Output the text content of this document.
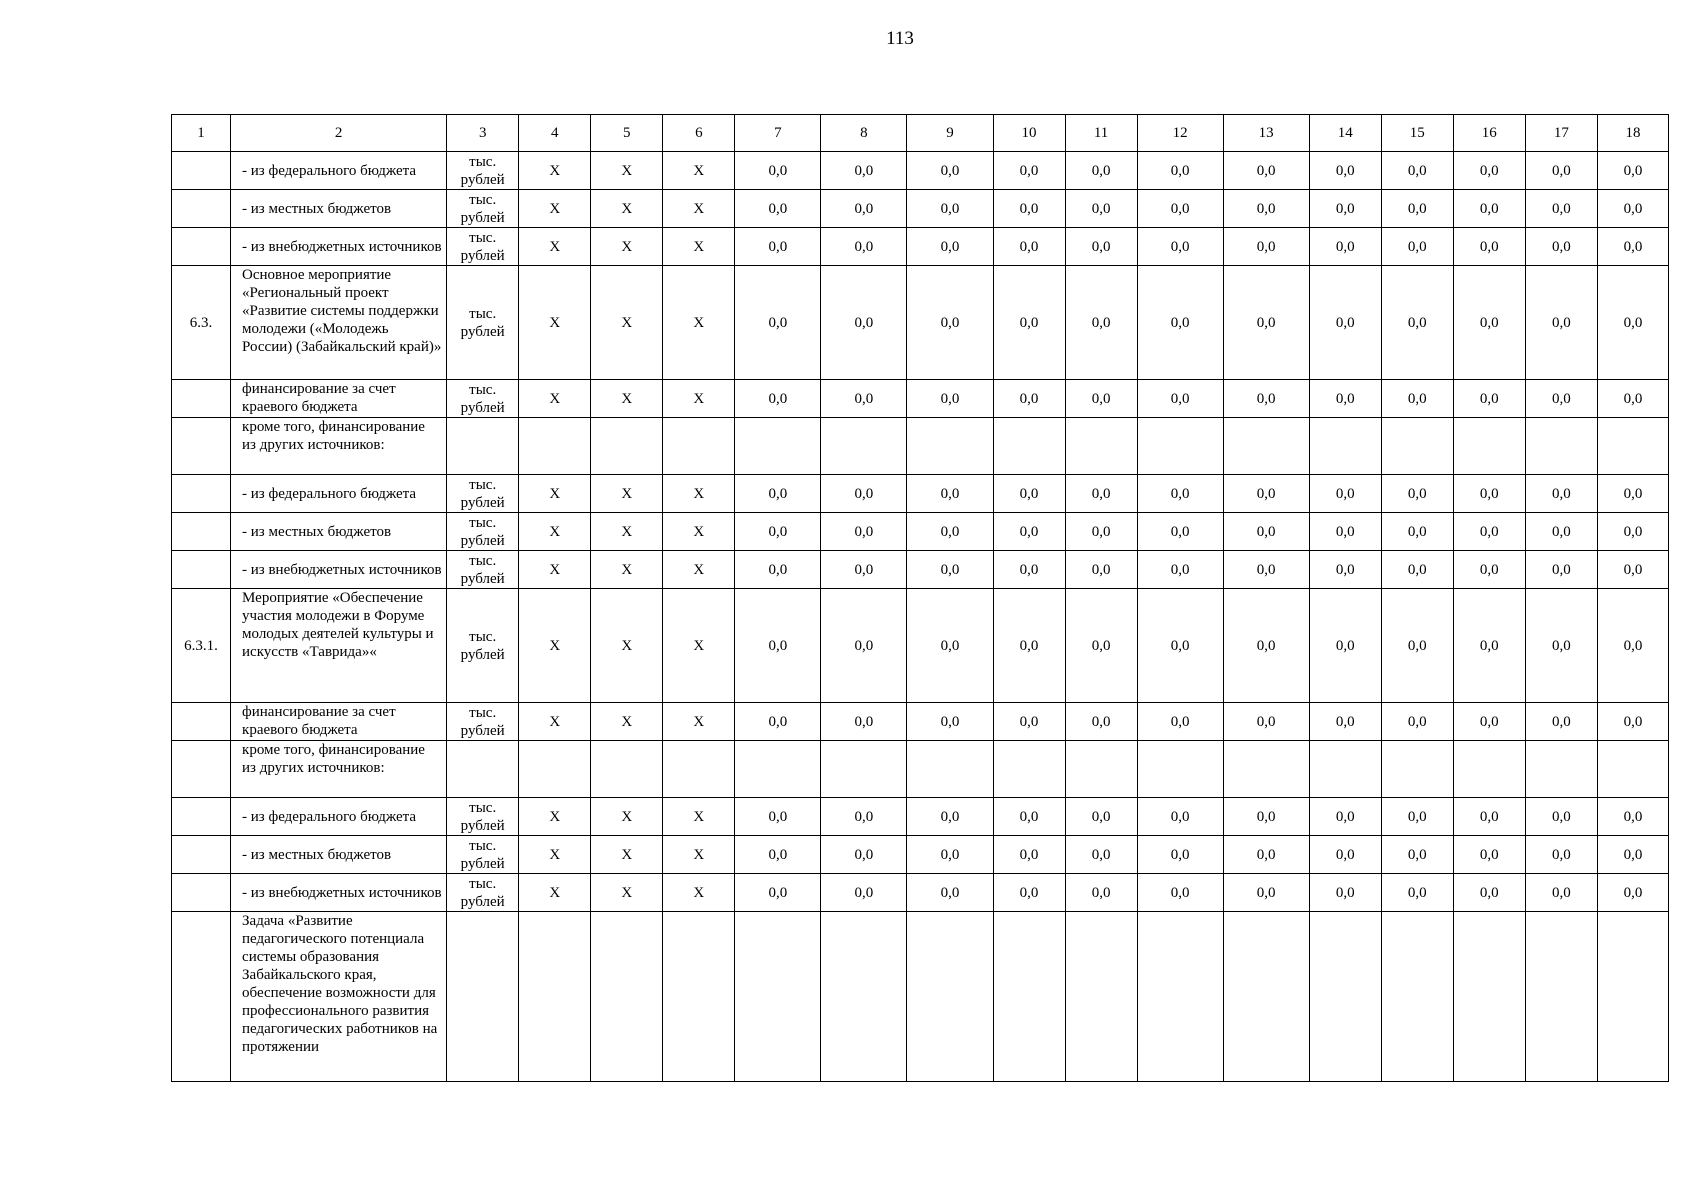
113
1	2	3	4	5	6	7	8	9	10	11	12	13	14	15	16	17	18
	- из федерального бюджета	тыс. рублей	X	X	X	0,0	0,0	0,0	0,0	0,0	0,0	0,0	0,0	0,0	0,0	0,0	0,0
	- из местных бюджетов	тыс. рублей	X	X	X	0,0	0,0	0,0	0,0	0,0	0,0	0,0	0,0	0,0	0,0	0,0	0,0
	- из внебюджетных источников	тыс. рублей	X	X	X	0,0	0,0	0,0	0,0	0,0	0,0	0,0	0,0	0,0	0,0	0,0	0,0
6.3.	Основное мероприятие «Региональный проект «Развитие системы поддержки молодежи («Молодежь России) (Забайкальский край)»	тыс. рублей	X	X	X	0,0	0,0	0,0	0,0	0,0	0,0	0,0	0,0	0,0	0,0	0,0	0,0
	финансирование за счет краевого бюджета	тыс. рублей	X	X	X	0,0	0,0	0,0	0,0	0,0	0,0	0,0	0,0	0,0	0,0	0,0	0,0
	кроме того, финансирование из других источников:																
	- из федерального бюджета	тыс. рублей	X	X	X	0,0	0,0	0,0	0,0	0,0	0,0	0,0	0,0	0,0	0,0	0,0	0,0
	- из местных бюджетов	тыс. рублей	X	X	X	0,0	0,0	0,0	0,0	0,0	0,0	0,0	0,0	0,0	0,0	0,0	0,0
	- из внебюджетных источников	тыс. рублей	X	X	X	0,0	0,0	0,0	0,0	0,0	0,0	0,0	0,0	0,0	0,0	0,0	0,0
6.3.1.	Мероприятие «Обеспечение участия молодежи в Форуме молодых деятелей культуры и искусств «Таврида»«	тыс. рублей	X	X	X	0,0	0,0	0,0	0,0	0,0	0,0	0,0	0,0	0,0	0,0	0,0	0,0
	финансирование за счет краевого бюджета	тыс. рублей	X	X	X	0,0	0,0	0,0	0,0	0,0	0,0	0,0	0,0	0,0	0,0	0,0	0,0
	кроме того, финансирование из других источников:																
	- из федерального бюджета	тыс. рублей	X	X	X	0,0	0,0	0,0	0,0	0,0	0,0	0,0	0,0	0,0	0,0	0,0	0,0
	- из местных бюджетов	тыс. рублей	X	X	X	0,0	0,0	0,0	0,0	0,0	0,0	0,0	0,0	0,0	0,0	0,0	0,0
	- из внебюджетных источников	тыс. рублей	X	X	X	0,0	0,0	0,0	0,0	0,0	0,0	0,0	0,0	0,0	0,0	0,0	0,0
	Задача «Развитие педагогического потенциала системы образования Забайкальского края, обеспечение возможности для профессионального развития педагогических работников на протяжении																
